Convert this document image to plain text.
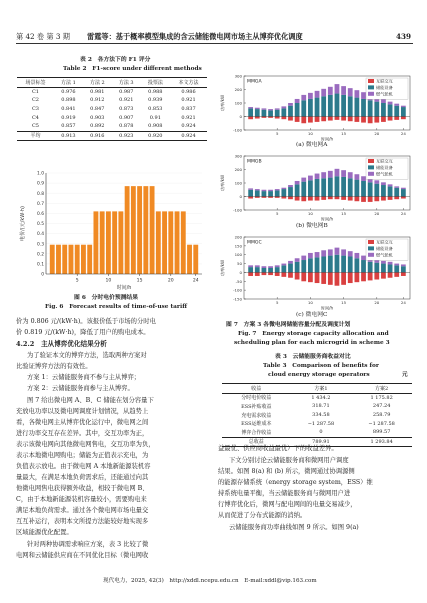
第 42 卷 第 3 期 雷霆等：基于概率模型集成的含云储能微电网市场主从博弈优化调度	439
表 2　各方法下的 F1 评分
Table 2　F1-score under different methods
场景标签	方法 1	方法 2	方法 3	投票法	本文方法
C1	0.976	0.981	0.987	0.988	0.986
C2	0.898	0.912	0.921	0.939	0.921
C3	0.841	0.847	0.873	0.853	0.837
C4	0.919	0.903	0.907	0.91	0.921
C5	0.857	0.892	0.878	0.908	0.924
平均	0.913	0.916	0.923	0.920	0.924
0
0.1
0.2
0.3
0.4
0.5
0.6
0.7
0.8
0.9
1.0
5	10	15	20	24
时间/h
电价/(元/kW·h)
图 6　分时电价预测结果
Fig. 6　Forecast results of time-of-use tariff
价为 0.806 元/(kW·h)。该报价低于市场的分时电
价 0.819 元/(kW·h)，降低了用户的购电成本。
4.2.2　主从博弈优化结果分析
为了验证本文的博弈方法，选取两种方案对
比验证博弈方法的有效性。
方案 1：云储能服务商不参与主从博弈；
方案 2：云储能服务商参与主从博弈。
图 7 给出微电网 A、B、C 储能在划分容量下
充放电功率以及微电网调度计划情况，从趋势上
看，各微电网主从博弈优化运行中，微电网之间
进行功率交互存在差异。其中，交互功率为正，
表示该微电网向其他微电网售电，交互功率为负，
表示本地微电网购电；储能为正值表示充电，为
负值表示放电。由于微电网 A 本地新能源装机容
量最大，在满足本地负荷需求后，还能通过向其
他微电网售电获得额外收益，相较于微电网 B、
C，由于本地新能源装机容量较小，需要购电来
满足本地负荷需求。通过各个微电网市场电量交
互互补运行，表明本文所提方法能较好地实现多
区域能源优化配置。
针对两种协调需求响应方案，表 3 比较了微
电网和云储能供应商在不同优化目标（微电网收
300
200
100
0
-100
5	10	15	20	24
时间/h
功率/kW
MMGA	互联交互
储能设备
燃气轮机
(a) 微电网A
300
200
100
0
-100
5	10	15	20	24
时间/h
功率/kW
MMGB	互联交互
储能设备
燃气轮机
(b) 微电网B
200
150
100
50
0
-50
-100
-150
5	10	15	20	24
时间/h
功率/kW
MMGC	互联交互
储能设备
燃气轮机
(c) 微电网C
图 7　方案 3 各微电网储能容量分配及调度计划
Fig. 7　Energy storage capacity allocation and
scheduling plan for each microgrid in scheme 3
表 3　云储能服务商收益对比
Table 3　Comparison of benefits for
cloud energy storage operators	元
收益	方案1	方案2
分时电价收益	1 434.2	1 175.82
ESS补贴收益	318.71	247.24
充电需求收益	334.58	258.79
ESS运维成本	−1 287.58	−1 287.58
博弈合作收益	0	899.57
总收益	789.91	1 293.84
益最优、供应商收益最优）下的收益差异。
下文分别讨论云储能服务商和微网用户调度
结果。如图 8(a) 和 (b) 所示，微网通过协调源侧
的能源存储系统（energy storage system，ESS）维
持系统电量平衡，当云储能服务商与微网用户进
行博弈优化后，微网与配电网间的电量交易减少，
从而促进了分布式能源的消纳。
云储能服务商功率曲线如图 9 所示。如图 9(a)
现代电力，2025, 42(3)　http://xddl.ncepu.edu.cn　E-mail:xddl@vip.163.com
